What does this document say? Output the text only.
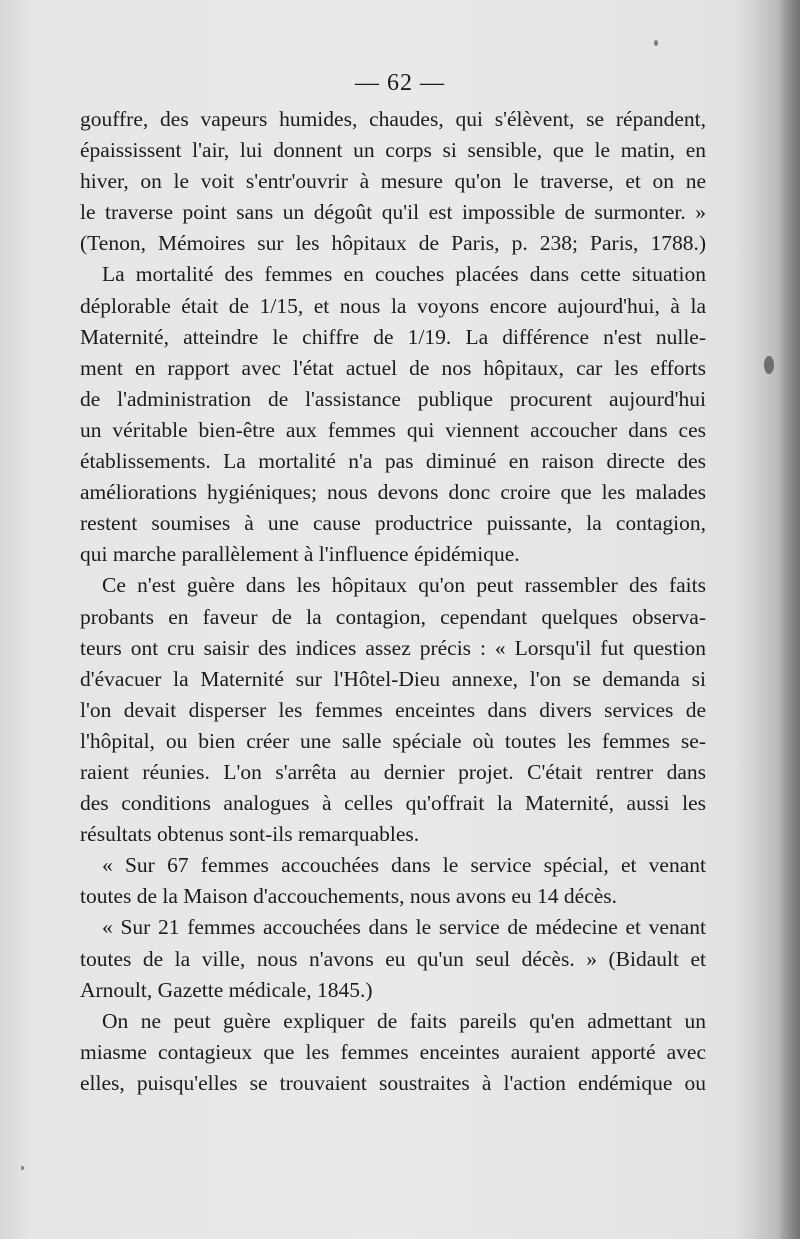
— 62 —
gouffre, des vapeurs humides, chaudes, qui s'élèvent, se répandent,
épaississent l'air, lui donnent un corps si sensible, que le matin, en
hiver, on le voit s'entr'ouvrir à mesure qu'on le traverse, et on ne
le traverse point sans un dégoût qu'il est impossible de surmonter. »
(Tenon, Mémoires sur les hôpitaux de Paris, p. 238; Paris, 1788.)
La mortalité des femmes en couches placées dans cette situation
déplorable était de 1/15, et nous la voyons encore aujourd'hui, à la
Maternité, atteindre le chiffre de 1/19. La différence n'est nulle-
ment en rapport avec l'état actuel de nos hôpitaux, car les efforts
de l'administration de l'assistance publique procurent aujourd'hui
un véritable bien-être aux femmes qui viennent accoucher dans ces
établissements. La mortalité n'a pas diminué en raison directe des
améliorations hygiéniques; nous devons donc croire que les malades
restent soumises à une cause productrice puissante, la contagion,
qui marche parallèlement à l'influence épidémique.
Ce n'est guère dans les hôpitaux qu'on peut rassembler des faits
probants en faveur de la contagion, cependant quelques observa-
teurs ont cru saisir des indices assez précis : « Lorsqu'il fut question
d'évacuer la Maternité sur l'Hôtel-Dieu annexe, l'on se demanda si
l'on devait disperser les femmes enceintes dans divers services de
l'hôpital, ou bien créer une salle spéciale où toutes les femmes se-
raient réunies. L'on s'arrêta au dernier projet. C'était rentrer dans
des conditions analogues à celles qu'offrait la Maternité, aussi les
résultats obtenus sont-ils remarquables.
« Sur 67 femmes accouchées dans le service spécial, et venant
toutes de la Maison d'accouchements, nous avons eu 14 décès.
« Sur 21 femmes accouchées dans le service de médecine et venant
toutes de la ville, nous n'avons eu qu'un seul décès. » (Bidault et
Arnoult, Gazette médicale, 1845.)
On ne peut guère expliquer de faits pareils qu'en admettant un
miasme contagieux que les femmes enceintes auraient apporté avec
elles, puisqu'elles se trouvaient soustraites à l'action endémique ou
